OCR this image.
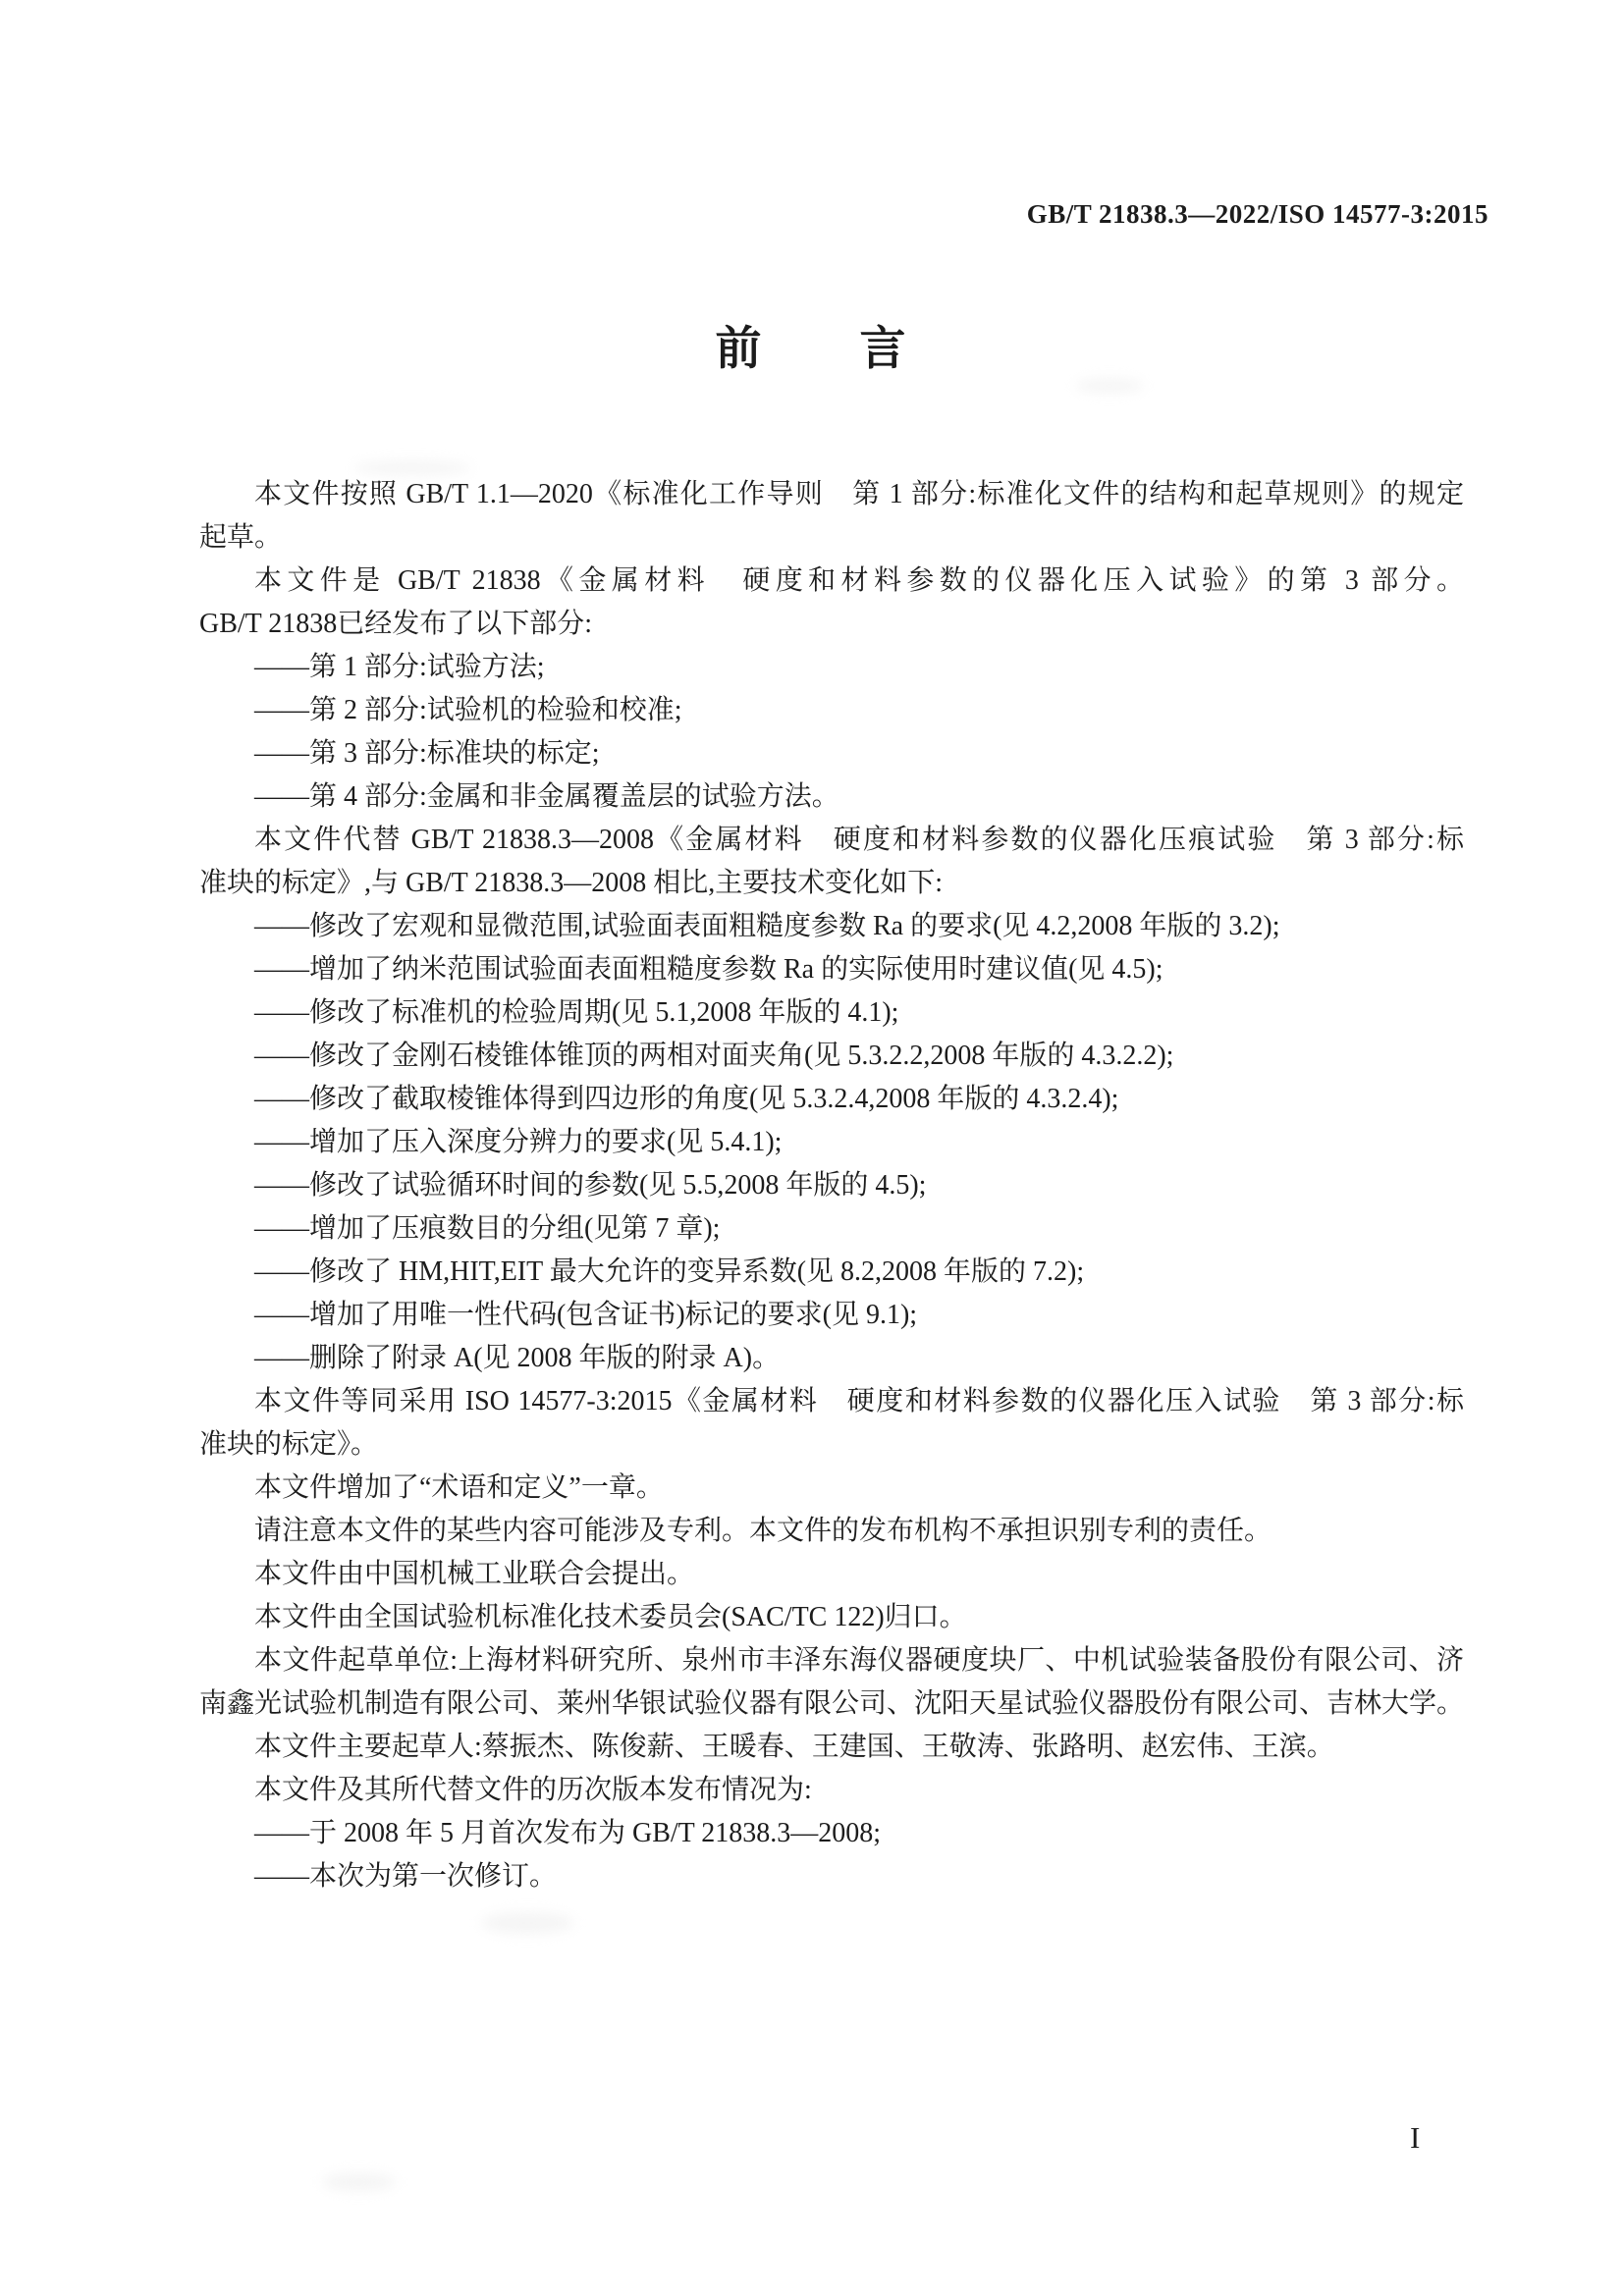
GB/T 21838.3—2022/ISO 14577-3:2015
前　　言
本文件按照 GB/T 1.1—2020《标准化工作导则　第 1 部分:标准化文件的结构和起草规则》的规定
起草。
本文件是 GB/T 21838《金属材料　硬度和材料参数的仪器化压入试验》的第 3 部分。
GB/T 21838已经发布了以下部分:
——第 1 部分:试验方法;
——第 2 部分:试验机的检验和校准;
——第 3 部分:标准块的标定;
——第 4 部分:金属和非金属覆盖层的试验方法。
本文件代替 GB/T 21838.3—2008《金属材料　硬度和材料参数的仪器化压痕试验　第 3 部分:标
准块的标定》,与 GB/T 21838.3—2008 相比,主要技术变化如下:
——修改了宏观和显微范围,试验面表面粗糙度参数 Ra 的要求(见 4.2,2008 年版的 3.2);
——增加了纳米范围试验面表面粗糙度参数 Ra 的实际使用时建议值(见 4.5);
——修改了标准机的检验周期(见 5.1,2008 年版的 4.1);
——修改了金刚石棱锥体锥顶的两相对面夹角(见 5.3.2.2,2008 年版的 4.3.2.2);
——修改了截取棱锥体得到四边形的角度(见 5.3.2.4,2008 年版的 4.3.2.4);
——增加了压入深度分辨力的要求(见 5.4.1);
——修改了试验循环时间的参数(见 5.5,2008 年版的 4.5);
——增加了压痕数目的分组(见第 7 章);
——修改了 HM,HIT,EIT 最大允许的变异系数(见 8.2,2008 年版的 7.2);
——增加了用唯一性代码(包含证书)标记的要求(见 9.1);
——删除了附录 A(见 2008 年版的附录 A)。
本文件等同采用 ISO 14577-3:2015《金属材料　硬度和材料参数的仪器化压入试验　第 3 部分:标
准块的标定》。
本文件增加了“术语和定义”一章。
请注意本文件的某些内容可能涉及专利。本文件的发布机构不承担识别专利的责任。
本文件由中国机械工业联合会提出。
本文件由全国试验机标准化技术委员会(SAC/TC 122)归口。
本文件起草单位:上海材料研究所、泉州市丰泽东海仪器硬度块厂、中机试验装备股份有限公司、济
南鑫光试验机制造有限公司、莱州华银试验仪器有限公司、沈阳天星试验仪器股份有限公司、吉林大学。
本文件主要起草人:蔡振杰、陈俊薪、王暖春、王建国、王敬涛、张路明、赵宏伟、王滨。
本文件及其所代替文件的历次版本发布情况为:
——于 2008 年 5 月首次发布为 GB/T 21838.3—2008;
——本次为第一次修订。
I
